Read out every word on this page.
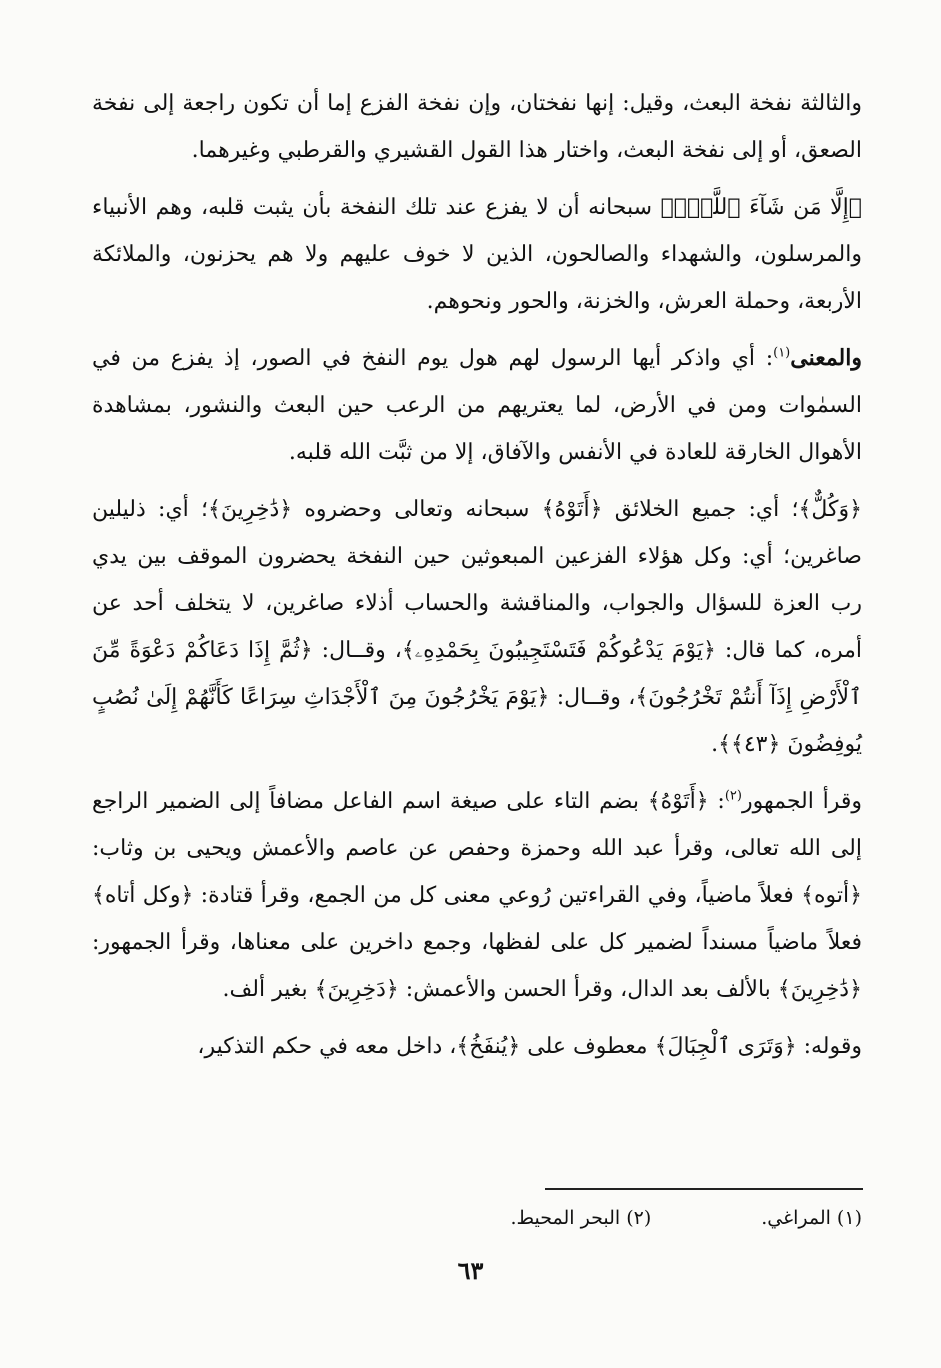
والثالثة نفخة البعث، وقيل: إنها نفختان، وإن نفخة الفزع إما أن تكون راجعة إلى نفخة الصعق، أو إلى نفخة البعث، واختار هذا القول القشيري والقرطبي وغيرهما.

﴿إِلَّا مَن شَآءَ ٱللَّهُۚ﴾ سبحانه أن لا يفزع عند تلك النفخة بأن يثبت قلبه، وهم الأنبياء والمرسلون، والشهداء والصالحون، الذين لا خوف عليهم ولا هم يحزنون، والملائكة الأربعة، وحملة العرش، والخزنة، والحور ونحوهم.

والمعنى$^{(١)}$: أي واذكر أيها الرسول لهم هول يوم النفخ في الصور، إذ يفزع من في السمٰوات ومن في الأرض، لما يعتريهم من الرعب حين البعث والنشور، بمشاهدة الأهوال الخارقة للعادة في الأنفس والآفاق، إلا من ثبَّت الله قلبه.

﴿وَكُلٌّ﴾؛ أي: جميع الخلائق ﴿أَتَوْهُ﴾ سبحانه وتعالى وحضروه ﴿دَٰخِرِينَ﴾؛ أي: ذليلين صاغرين؛ أي: وكل هؤلاء الفزعين المبعوثين حين النفخة يحضرون الموقف بين يدي رب العزة للسؤال والجواب، والمناقشة والحساب أذلاء صاغرين، لا يتخلف أحد عن أمره، كما قال: ﴿يَوْمَ يَدْعُوكُمْ فَتَسْتَجِيبُونَ بِحَمْدِهِۦ﴾، وقــال: ﴿ثُمَّ إِذَا دَعَاكُمْ دَعْوَةً مِّنَ ٱلْأَرْضِ إِذَآ أَنتُمْ تَخْرُجُونَ﴾، وقــال: ﴿يَوْمَ يَخْرُجُونَ مِنَ ٱلْأَجْدَاثِ سِرَاعًا كَأَنَّهُمْ إِلَىٰ نُصُبٍ يُوفِضُونَ ﴿٤٣﴾﴾.

وقرأ الجمهور$^{(٢)}$: ﴿أَتَوْهُ﴾ بضم التاء على صيغة اسم الفاعل مضافاً إلى الضمير الراجع إلى الله تعالى، وقرأ عبد الله وحمزة وحفص عن عاصم والأعمش ويحيى بن وثاب: ﴿أتوه﴾ فعلاً ماضياً، وفي القراءتين رُوعي معنى كل من الجمع، وقرأ قتادة: ﴿وكل أتاه﴾ فعلاً ماضياً مسنداً لضمير كل على لفظها، وجمع داخرين على معناها، وقرأ الجمهور: ﴿دَٰخِرِينَ﴾ بالألف بعد الدال، وقرأ الحسن والأعمش: ﴿دَخِرِينَ﴾ بغير ألف.

وقوله: ﴿وَتَرَى ٱلْجِبَالَ﴾ معطوف على ﴿يُنفَخُ﴾، داخل معه في حكم التذكير،

(١) المراغي.
(٢) البحر المحيط.
٦٣
